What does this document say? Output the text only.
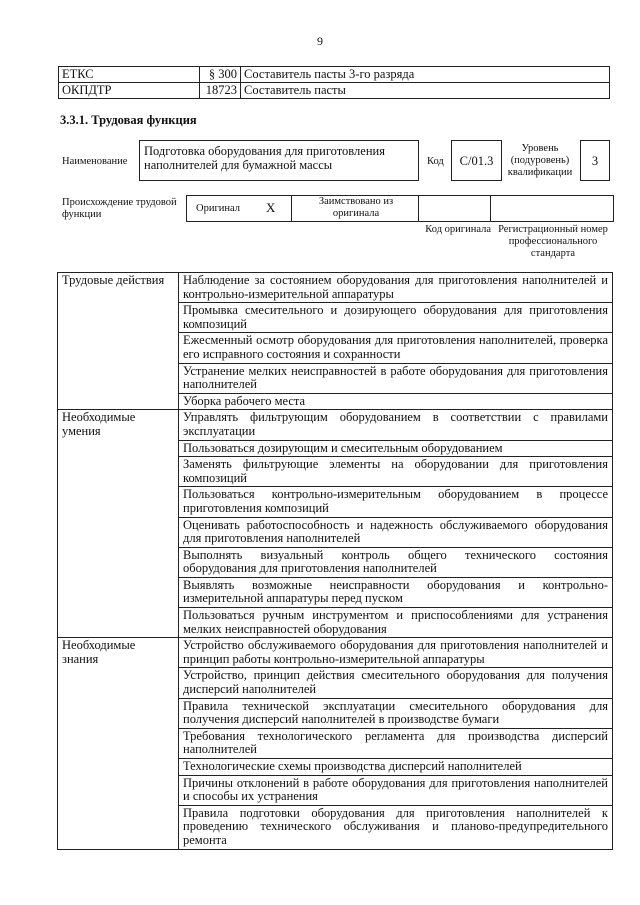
9
ЕТКС	§ 300	Составитель пасты 3-го разряда
ОКПДТР	18723	Составитель пасты
3.3.1. Трудовая функция
Наименование
Подготовка оборудования для приготовления наполнителей для бумажной массы	Код	C/01.3
Уровень (подуровень) квалификации
3
Происхождение трудовой функции
Оригинал X	Заимствовано из оригинала
Код оригинала Регистрационный номер профессионального стандарта
Трудовые действия	Наблюдение за состоянием оборудования для приготовления наполнителей и контрольно-измерительной аппаратуры
	Промывка смесительного и дозирующего оборудования для приготовления композиций
	Ежесменный осмотр оборудования для приготовления наполнителей, проверка его исправного состояния и сохранности
	Устранение мелких неисправностей в работе оборудования для приготовления наполнителей
	Уборка рабочего места
Необходимые умения	Управлять фильтрующим оборудованием в соответствии с правилами эксплуатации
	Пользоваться дозирующим и смесительным оборудованием
	Заменять фильтрующие элементы на оборудовании для приготовления композиций
	Пользоваться контрольно-измерительным оборудованием в процессе приготовления композиций
	Оценивать работоспособность и надежность обслуживаемого оборудования для приготовления наполнителей
	Выполнять визуальный контроль общего технического состояния оборудования для приготовления наполнителей
	Выявлять возможные неисправности оборудования и контрольно-измерительной аппаратуры перед пуском
	Пользоваться ручным инструментом и приспособлениями для устранения мелких неисправностей оборудования
Необходимые знания	Устройство обслуживаемого оборудования для приготовления наполнителей и принцип работы контрольно-измерительной аппаратуры
	Устройство, принцип действия смесительного оборудования для получения дисперсий наполнителей
	Правила технической эксплуатации смесительного оборудования для получения дисперсий наполнителей в производстве бумаги
	Требования технологического регламента для производства дисперсий наполнителей
	Технологические схемы производства дисперсий наполнителей
	Причины отклонений в работе оборудования для приготовления наполнителей и способы их устранения
	Правила подготовки оборудования для приготовления наполнителей к проведению технического обслуживания и планово-предупредительного ремонта
